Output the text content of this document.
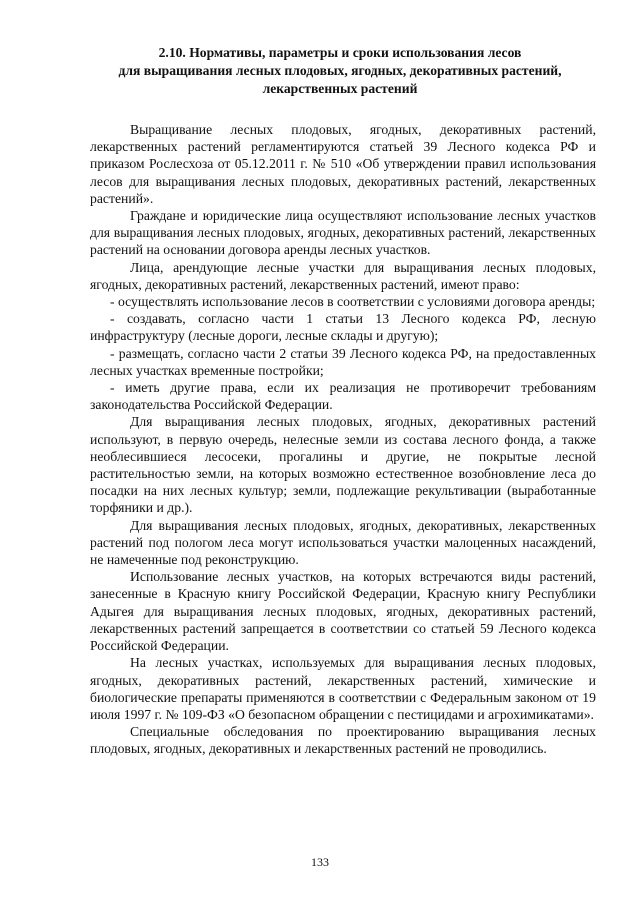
2.10. Нормативы, параметры и сроки использования лесов
для выращивания лесных плодовых, ягодных, декоративных растений,
лекарственных растений

Выращивание лесных плодовых, ягодных, декоративных растений, лекарственных растений регламентируются статьей 39 Лесного кодекса РФ и приказом Рослесхоза от 05.12.2011 г. № 510 «Об утверждении правил использования лесов для выращивания лесных плодовых, декоративных растений, лекарственных растений».

Граждане и юридические лица осуществляют использование лесных участков для выращивания лесных плодовых, ягодных, декоративных растений, лекарственных растений на основании договора аренды лесных участков.

Лица, арендующие лесные участки для выращивания лесных плодовых, ягодных, декоративных растений, лекарственных растений, имеют право:

- осуществлять использование лесов в соответствии с условиями договора аренды;

- создавать, согласно части 1 статьи 13 Лесного кодекса РФ, лесную инфраструктуру (лесные дороги, лесные склады и другую);

- размещать, согласно части 2 статьи 39 Лесного кодекса РФ, на предоставленных лесных участках временные постройки;

- иметь другие права, если их реализация не противоречит требованиям законодательства Российской Федерации.

Для выращивания лесных плодовых, ягодных, декоративных растений используют, в первую очередь, нелесные земли из состава лесного фонда, а также необлесившиеся лесосеки, прогалины и другие, не покрытые лесной растительностью земли, на которых возможно естественное возобновление леса до посадки на них лесных культур; земли, подлежащие рекультивации (выработанные торфяники и др.).

Для выращивания лесных плодовых, ягодных, декоративных, лекарственных растений под пологом леса могут использоваться участки малоценных насаждений, не намеченные под реконструкцию.

Использование лесных участков, на которых встречаются виды растений, занесенные в Красную книгу Российской Федерации, Красную книгу Республики Адыгея для выращивания лесных плодовых, ягодных, декоративных растений, лекарственных растений запрещается в соответствии со статьей 59 Лесного кодекса Российской Федерации.

На лесных участках, используемых для выращивания лесных плодовых, ягодных, декоративных растений, лекарственных растений, химические и биологические препараты применяются в соответствии с Федеральным законом от 19 июля 1997 г. № 109-ФЗ «О безопасном обращении с пестицидами и агрохимикатами».

Специальные обследования по проектированию выращивания лесных плодовых, ягодных, декоративных и лекарственных растений не проводились.

133
